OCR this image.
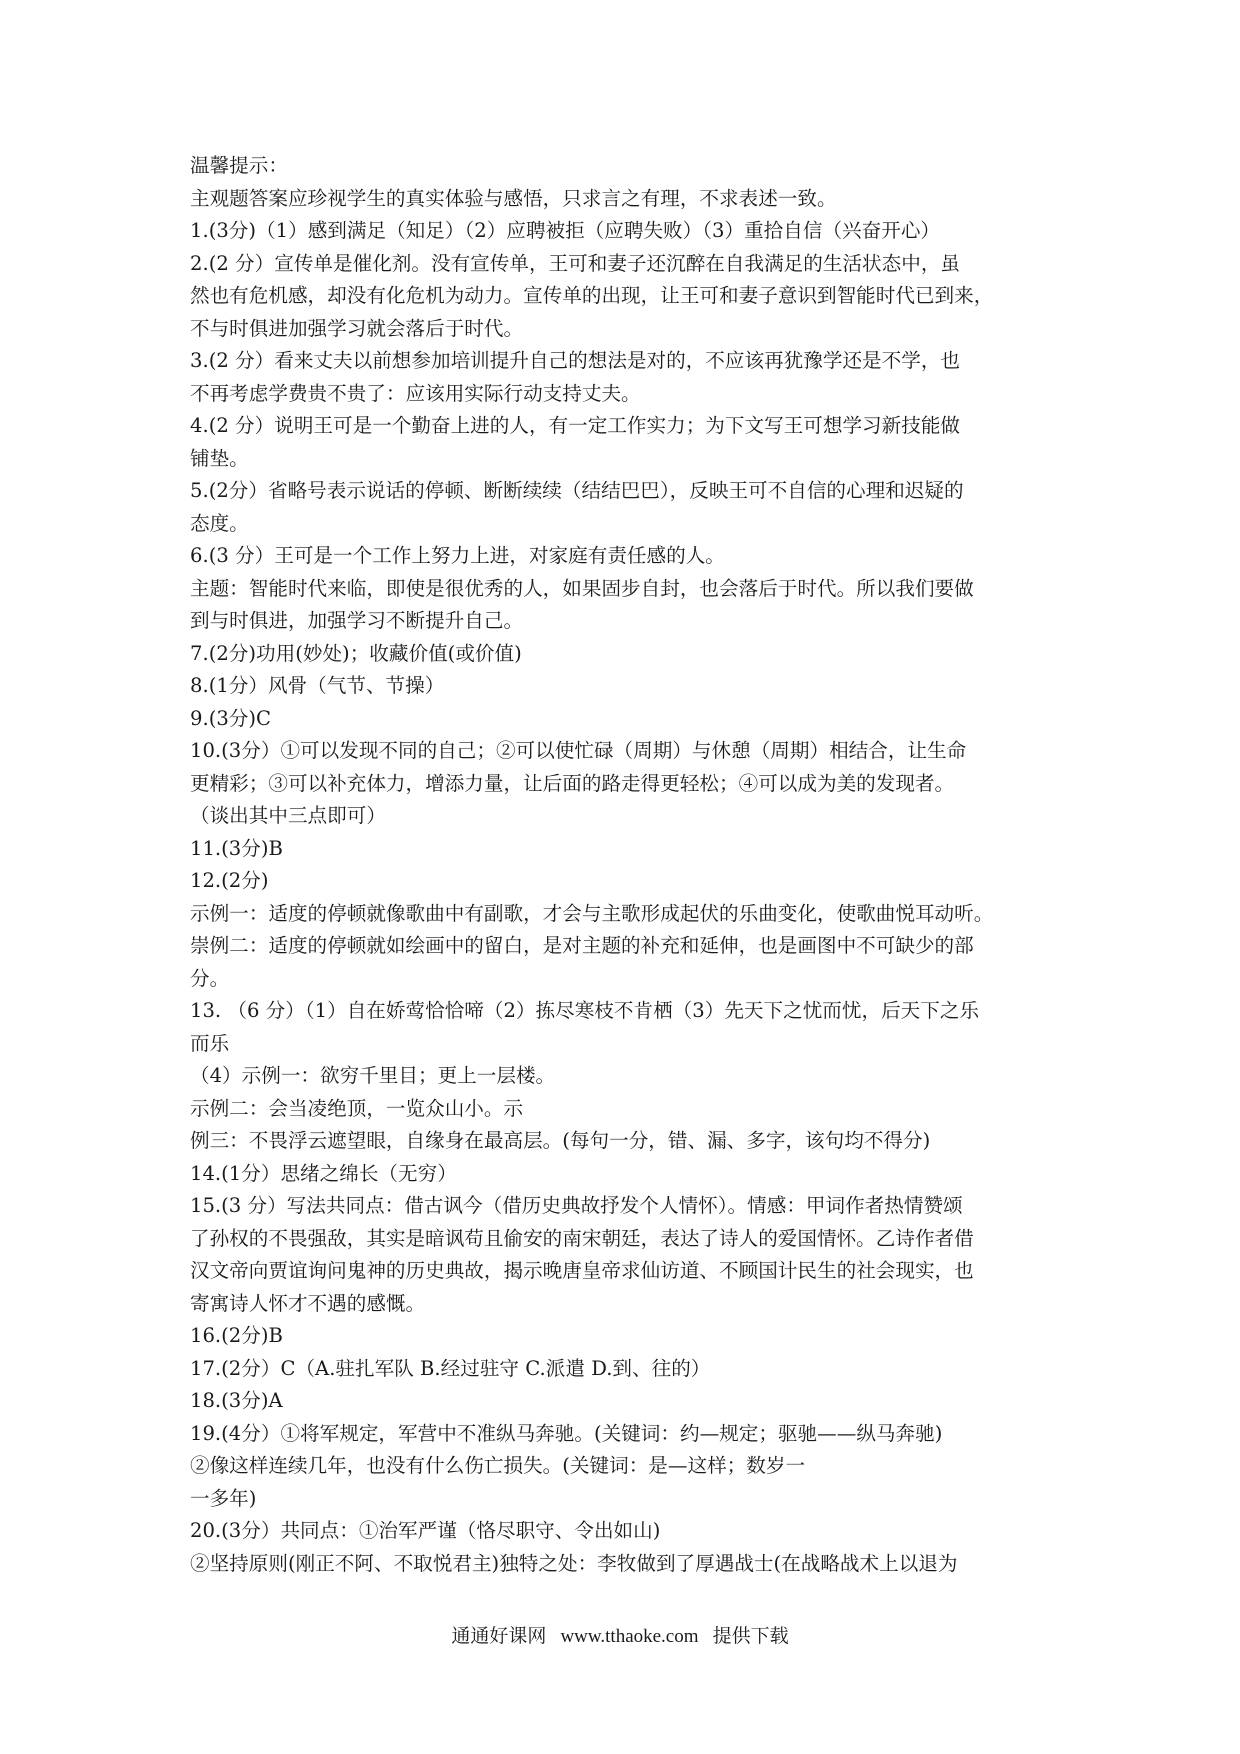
温馨提示：

主观题答案应珍视学生的真实体验与感悟，只求言之有理，不求表述一致。

1.(3分)（1）感到满足（知足）（2）应聘被拒（应聘失败）（3）重拾自信（兴奋开心）

2.(2 分）宣传单是催化剂。没有宣传单，王可和妻子还沉醉在自我满足的生活状态中，虽

然也有危机感，却没有化危机为动力。宣传单的出现，让王可和妻子意识到智能时代已到来，

不与时俱进加强学习就会落后于时代。

3.(2 分）看来丈夫以前想参加培训提升自己的想法是对的，不应该再犹豫学还是不学，也

不再考虑学费贵不贵了：应该用实际行动支持丈夫。

4.(2 分）说明王可是一个勤奋上进的人，有一定工作实力；为下文写王可想学习新技能做

铺垫。

5.(2分）省略号表示说话的停顿、断断续续（结结巴巴），反映王可不自信的心理和迟疑的

态度。

6.(3 分）王可是一个工作上努力上进，对家庭有责任感的人。

主题：智能时代来临，即使是很优秀的人，如果固步自封，也会落后于时代。所以我们要做

到与时俱进，加强学习不断提升自己。

7.(2分)功用(妙处)；收藏价值(或价值)

8.(1分）风骨（气节、节操）

9.(3分)C

10.(3分）①可以发现不同的自己；②可以使忙碌（周期）与休憩（周期）相结合，让生命

更精彩；③可以补充体力，增添力量，让后面的路走得更轻松；④可以成为美的发现者。

（谈出其中三点即可）

11.(3分)B

12.(2分)

示例一：适度的停顿就像歌曲中有副歌，才会与主歌形成起伏的乐曲变化，使歌曲悦耳动听。

崇例二：适度的停顿就如绘画中的留白，是对主题的补充和延伸，也是画图中不可缺少的部

分。

13. （6 分）（1）自在娇莺恰恰啼（2）拣尽寒枝不肯栖（3）先天下之忧而忧，后天下之乐

而乐

（4）示例一：欲穷千里目；更上一层楼。

示例二：会当凌绝顶，一览众山小。示

例三：不畏浮云遮望眼，自缘身在最高层。(每句一分，错、漏、多字，该句均不得分)

14.(1分）思绪之绵长（无穷）

15.(3 分）写法共同点：借古讽今（借历史典故抒发个人情怀）。情感：甲词作者热情赞颂

了孙权的不畏强敌，其实是暗讽苟且偷安的南宋朝廷，表达了诗人的爱国情怀。乙诗作者借

汉文帝向贾谊询问鬼神的历史典故，揭示晚唐皇帝求仙访道、不顾国计民生的社会现实，也

寄寓诗人怀才不遇的感慨。

16.(2分)B

17.(2分）C（A.驻扎军队 B.经过驻守 C.派遣 D.到、往的）

18.(3分)A

19.(4分）①将军规定，军营中不准纵马奔驰。(关键词：约—规定；驱驰——纵马奔驰)

②像这样连续几年，也没有什么伤亡损失。(关键词：是—这样；数岁一

一多年)

20.(3分）共同点：①治军严谨（恪尽职守、令出如山)

②坚持原则(刚正不阿、不取悦君主)独特之处：李牧做到了厚遇战士(在战略战术上以退为

通通好课网 www.tthaoke.com 提供下载
